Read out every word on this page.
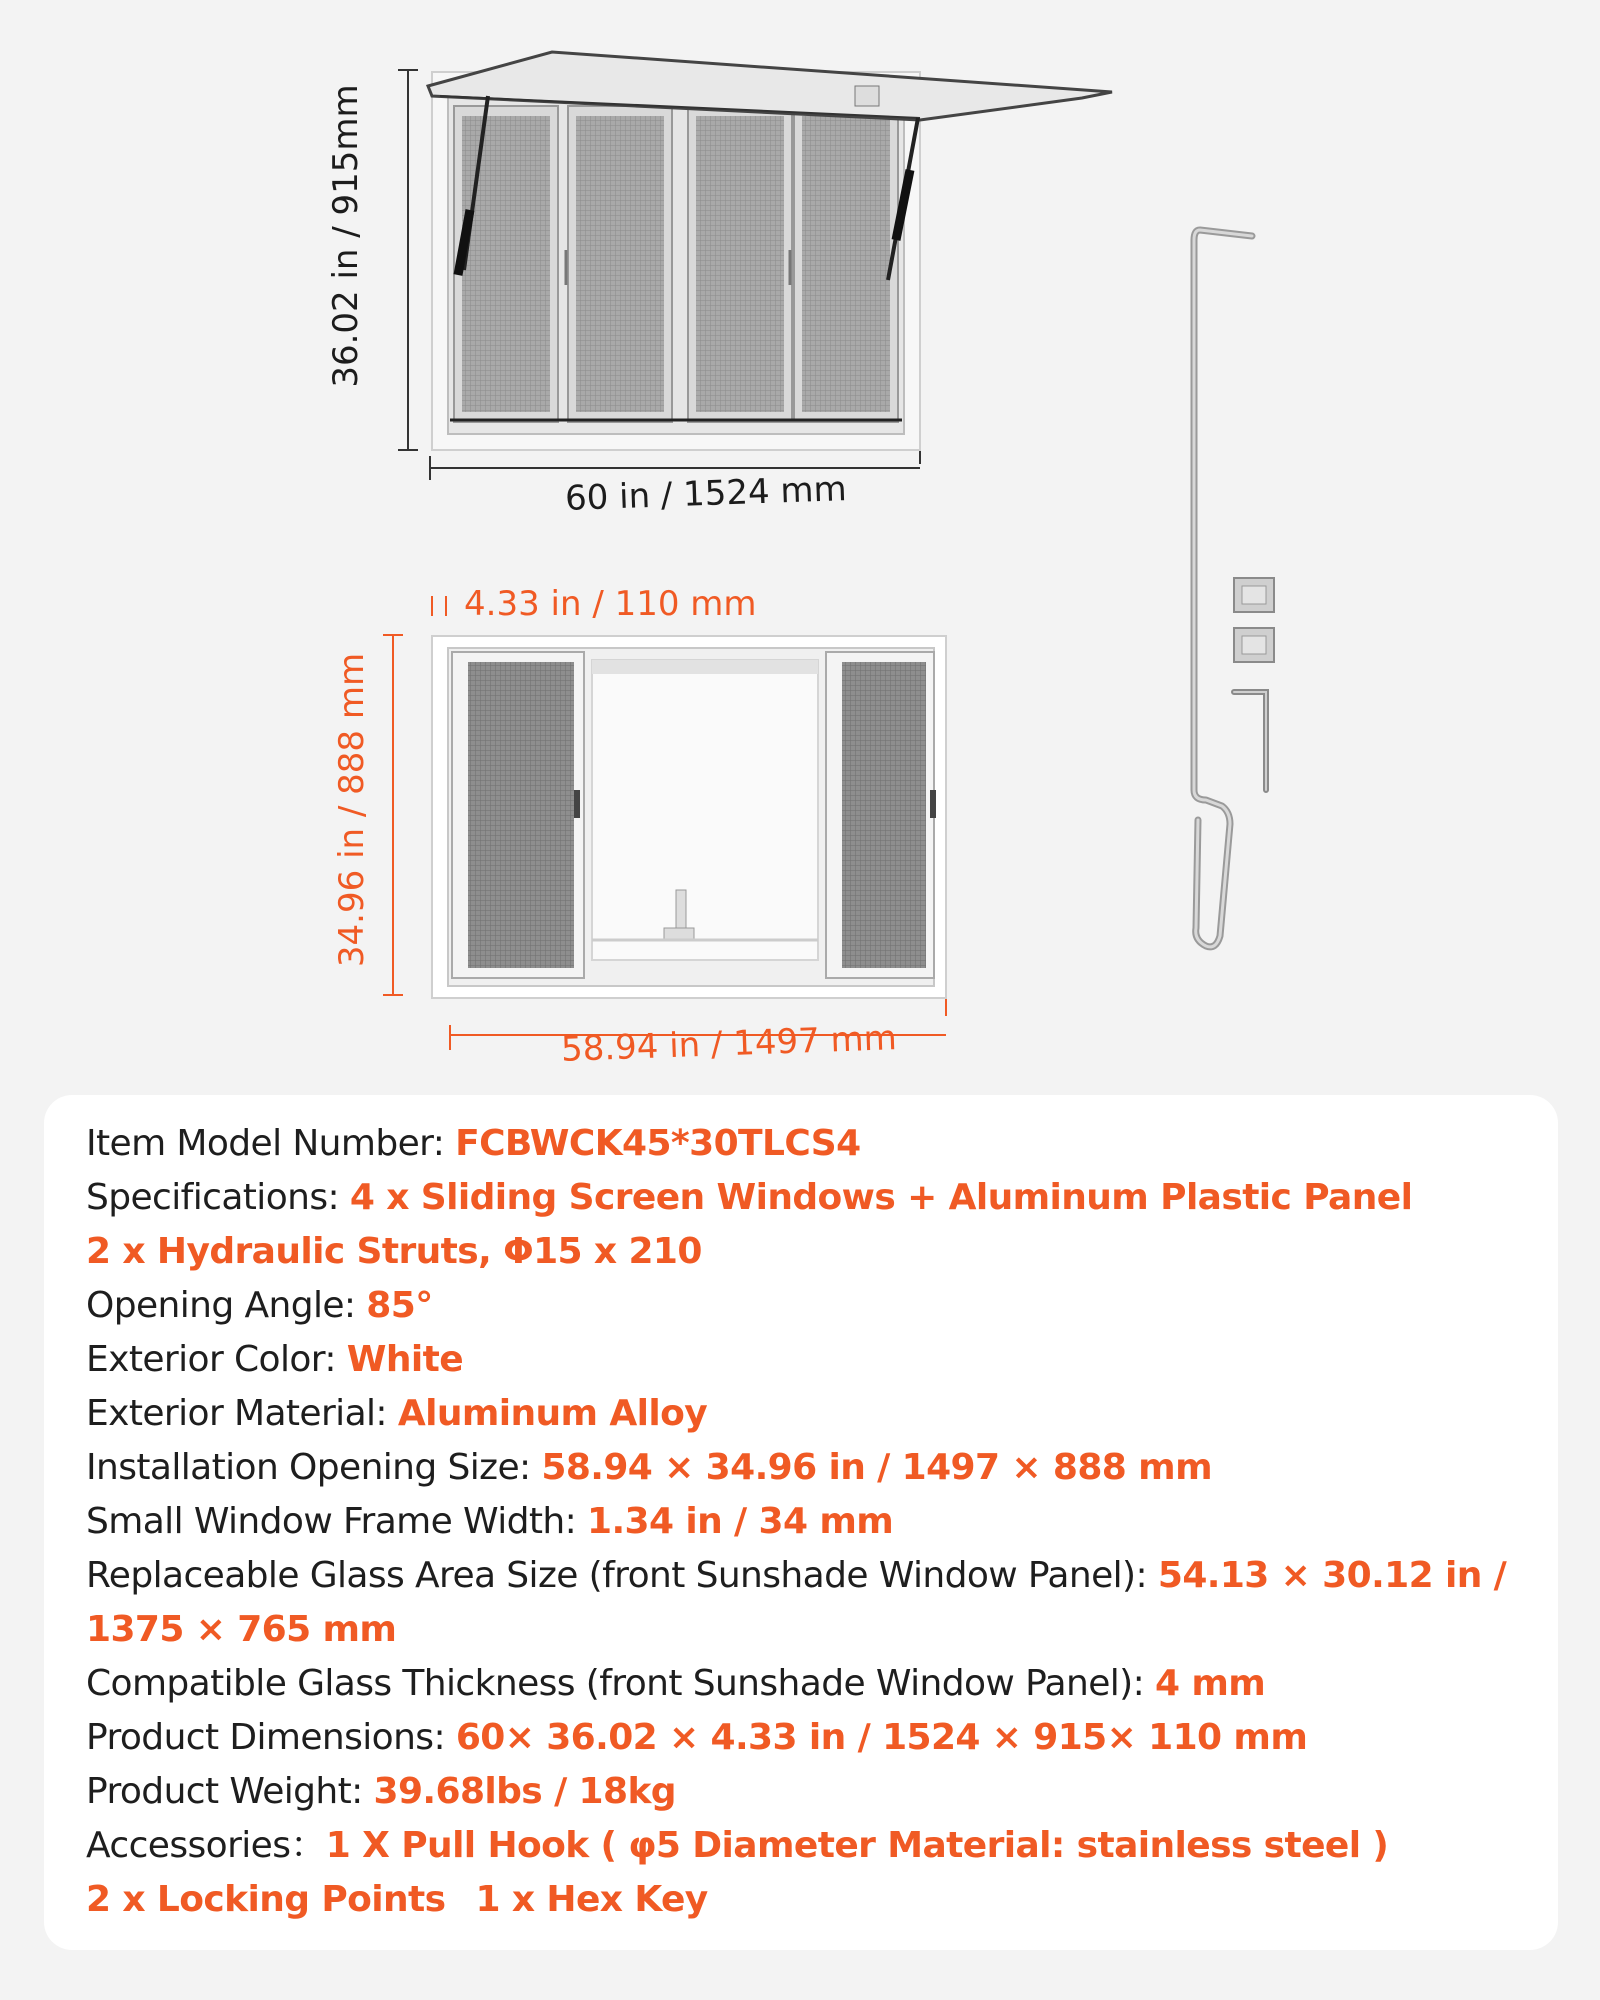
36.02 in / 915mm
60 in / 1524 mm
4.33 in / 110 mm
34.96 in / 888 mm
58.94 in / 1497 mm
Item Model Number: FCBWCK45*30TLCS4
Specifications: 4 x Sliding Screen Windows + Aluminum Plastic Panel
2 x Hydraulic Struts, Φ15 x 210
Opening Angle: 85°
Exterior Color: White
Exterior Material: Aluminum Alloy
Installation Opening Size: 58.94 × 34.96 in / 1497 × 888 mm
Small Window Frame Width: 1.34 in / 34 mm
Replaceable Glass Area Size (front Sunshade Window Panel): 54.13 × 30.12 in /
1375 × 765 mm
Compatible Glass Thickness (front Sunshade Window Panel): 4 mm
Product Dimensions: 60× 36.02 × 4.33 in / 1524 × 915× 110 mm
Product Weight: 39.68lbs / 18kg
Accessories：1 X Pull Hook ( φ5 Diameter Material: stainless steel )
2 x Locking Points 1 x Hex Key
